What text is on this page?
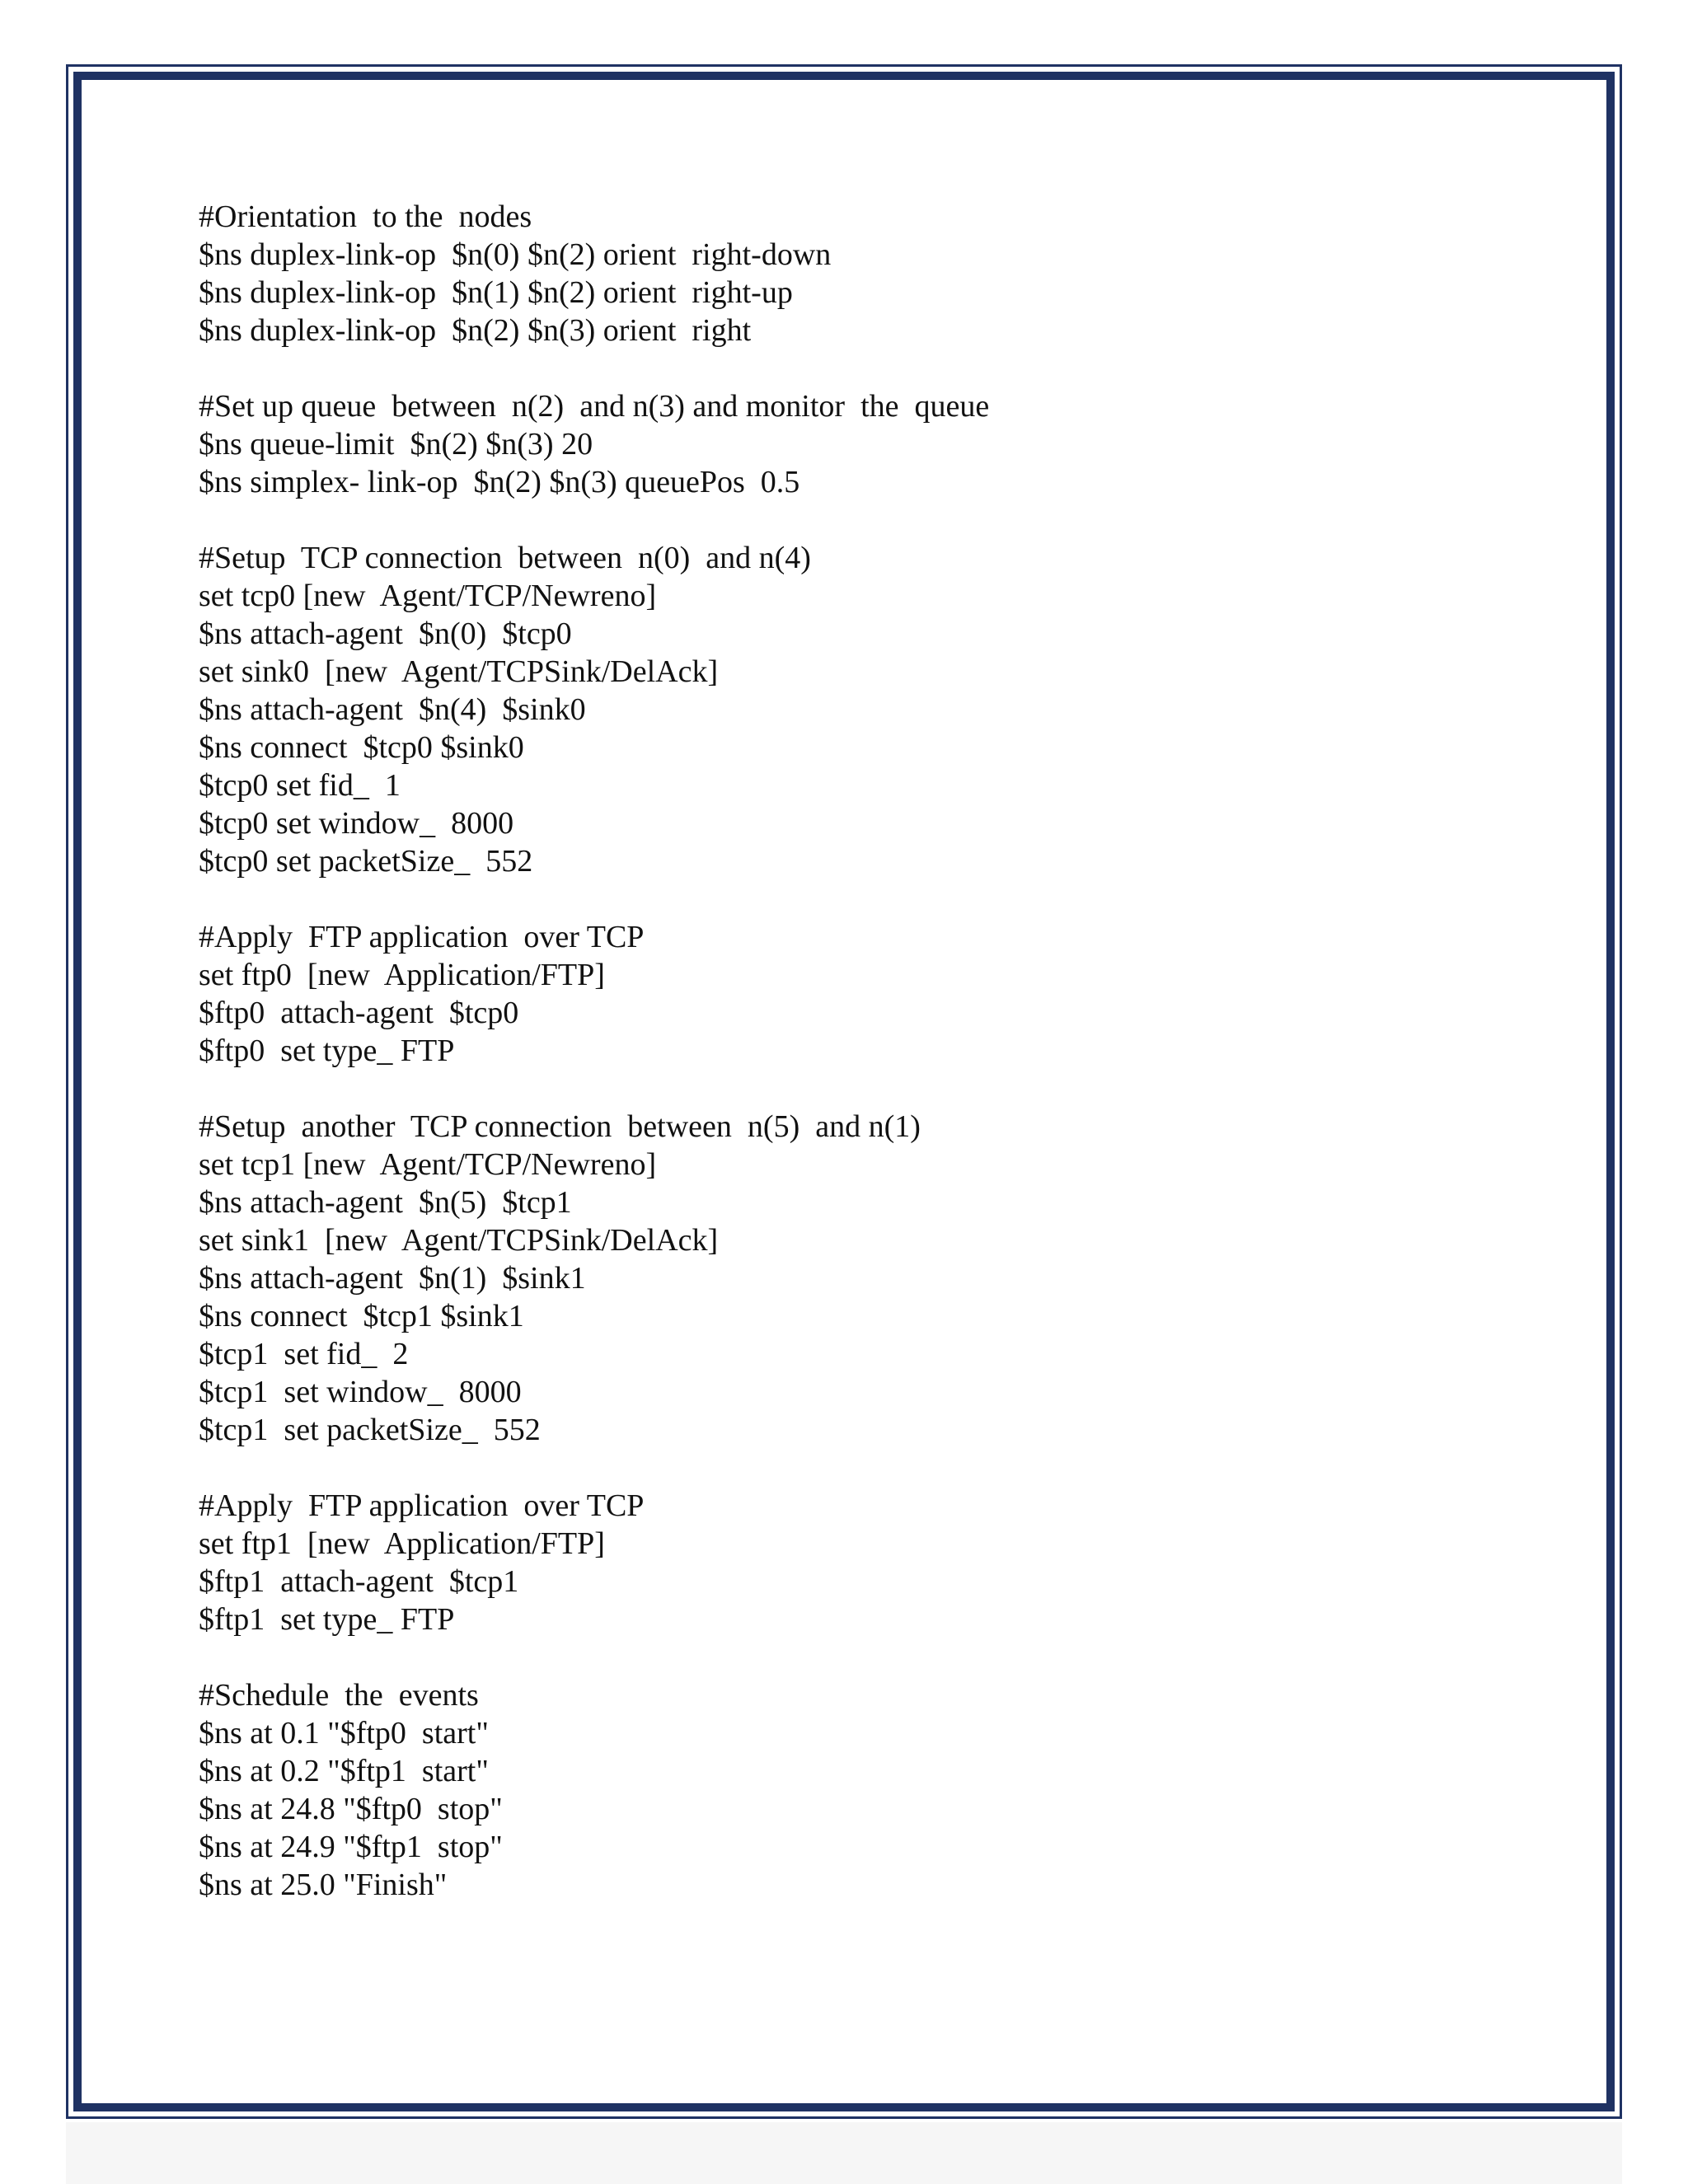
#Orientation  to the  nodes
$ns duplex-link-op  $n(0) $n(2) orient  right-down
$ns duplex-link-op  $n(1) $n(2) orient  right-up
$ns duplex-link-op  $n(2) $n(3) orient  right
#Set up queue  between  n(2)  and n(3) and monitor  the  queue
$ns queue-limit  $n(2) $n(3) 20
$ns simplex- link-op  $n(2) $n(3) queuePos  0.5
#Setup  TCP connection  between  n(0)  and n(4)
set tcp0 [new  Agent/TCP/Newreno]
$ns attach-agent  $n(0)  $tcp0
set sink0  [new  Agent/TCPSink/DelAck]
$ns attach-agent  $n(4)  $sink0
$ns connect  $tcp0 $sink0
$tcp0 set fid_  1
$tcp0 set window_  8000
$tcp0 set packetSize_  552
#Apply  FTP application  over TCP
set ftp0  [new  Application/FTP]
$ftp0  attach-agent  $tcp0
$ftp0  set type_ FTP
#Setup  another  TCP connection  between  n(5)  and n(1)
set tcp1 [new  Agent/TCP/Newreno]
$ns attach-agent  $n(5)  $tcp1
set sink1  [new  Agent/TCPSink/DelAck]
$ns attach-agent  $n(1)  $sink1
$ns connect  $tcp1 $sink1
$tcp1  set fid_  2
$tcp1  set window_  8000
$tcp1  set packetSize_  552
#Apply  FTP application  over TCP
set ftp1  [new  Application/FTP]
$ftp1  attach-agent  $tcp1
$ftp1  set type_ FTP
#Schedule  the  events
$ns at 0.1 "$ftp0  start"
$ns at 0.2 "$ftp1  start"
$ns at 24.8 "$ftp0  stop"
$ns at 24.9 "$ftp1  stop"
$ns at 25.0 "Finish"
